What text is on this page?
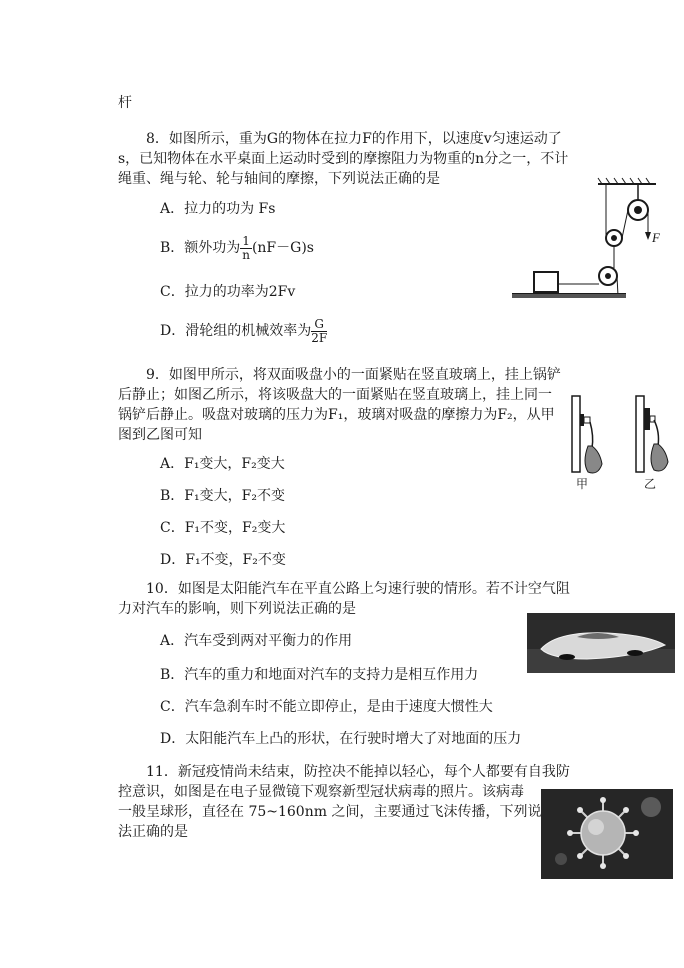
杆
8．如图所示，重为G的物体在拉力F的作用下，以速度v匀速运动了
s，已知物体在水平桌面上运动时受到的摩擦阻力为物重的n分之一，不计
绳重、绳与轮、轮与轴间的摩擦，下列说法正确的是
A．拉力的功为 Fs
B．额外功为 $\frac{1}{n} (nF-G)s$
C．拉力的功率为2Fv
D．滑轮组的机械效率为 $\frac{G}{2F}$
F
9．如图甲所示，将双面吸盘小的一面紧贴在竖直玻璃上，挂上锅铲
后静止；如图乙所示，将该吸盘大的一面紧贴在竖直玻璃上，挂上同一
锅铲后静止。吸盘对玻璃的压力为F₁，玻璃对吸盘的摩擦力为F₂，从甲
图到乙图可知
A．F₁变大，F₂变大
B．F₁变大，F₂不变
C．F₁不变，F₂变大
D．F₁不变，F₂不变
甲	乙
10．如图是太阳能汽车在平直公路上匀速行驶的情形。若不计空气阻
力对汽车的影响，则下列说法正确的是
A．汽车受到两对平衡力的作用
B．汽车的重力和地面对汽车的支持力是相互作用力
C．汽车急刹车时不能立即停止，是由于速度大惯性大
D．太阳能汽车上凸的形状，在行驶时增大了对地面的压力
11．新冠疫情尚未结束，防控决不能掉以轻心，每个人都要有自我防
控意识，如图是在电子显微镜下观察新型冠状病毒的照片。该病毒
一般呈球形，直径在 75~160nm 之间，主要通过飞沫传播，下列说
法正确的是
